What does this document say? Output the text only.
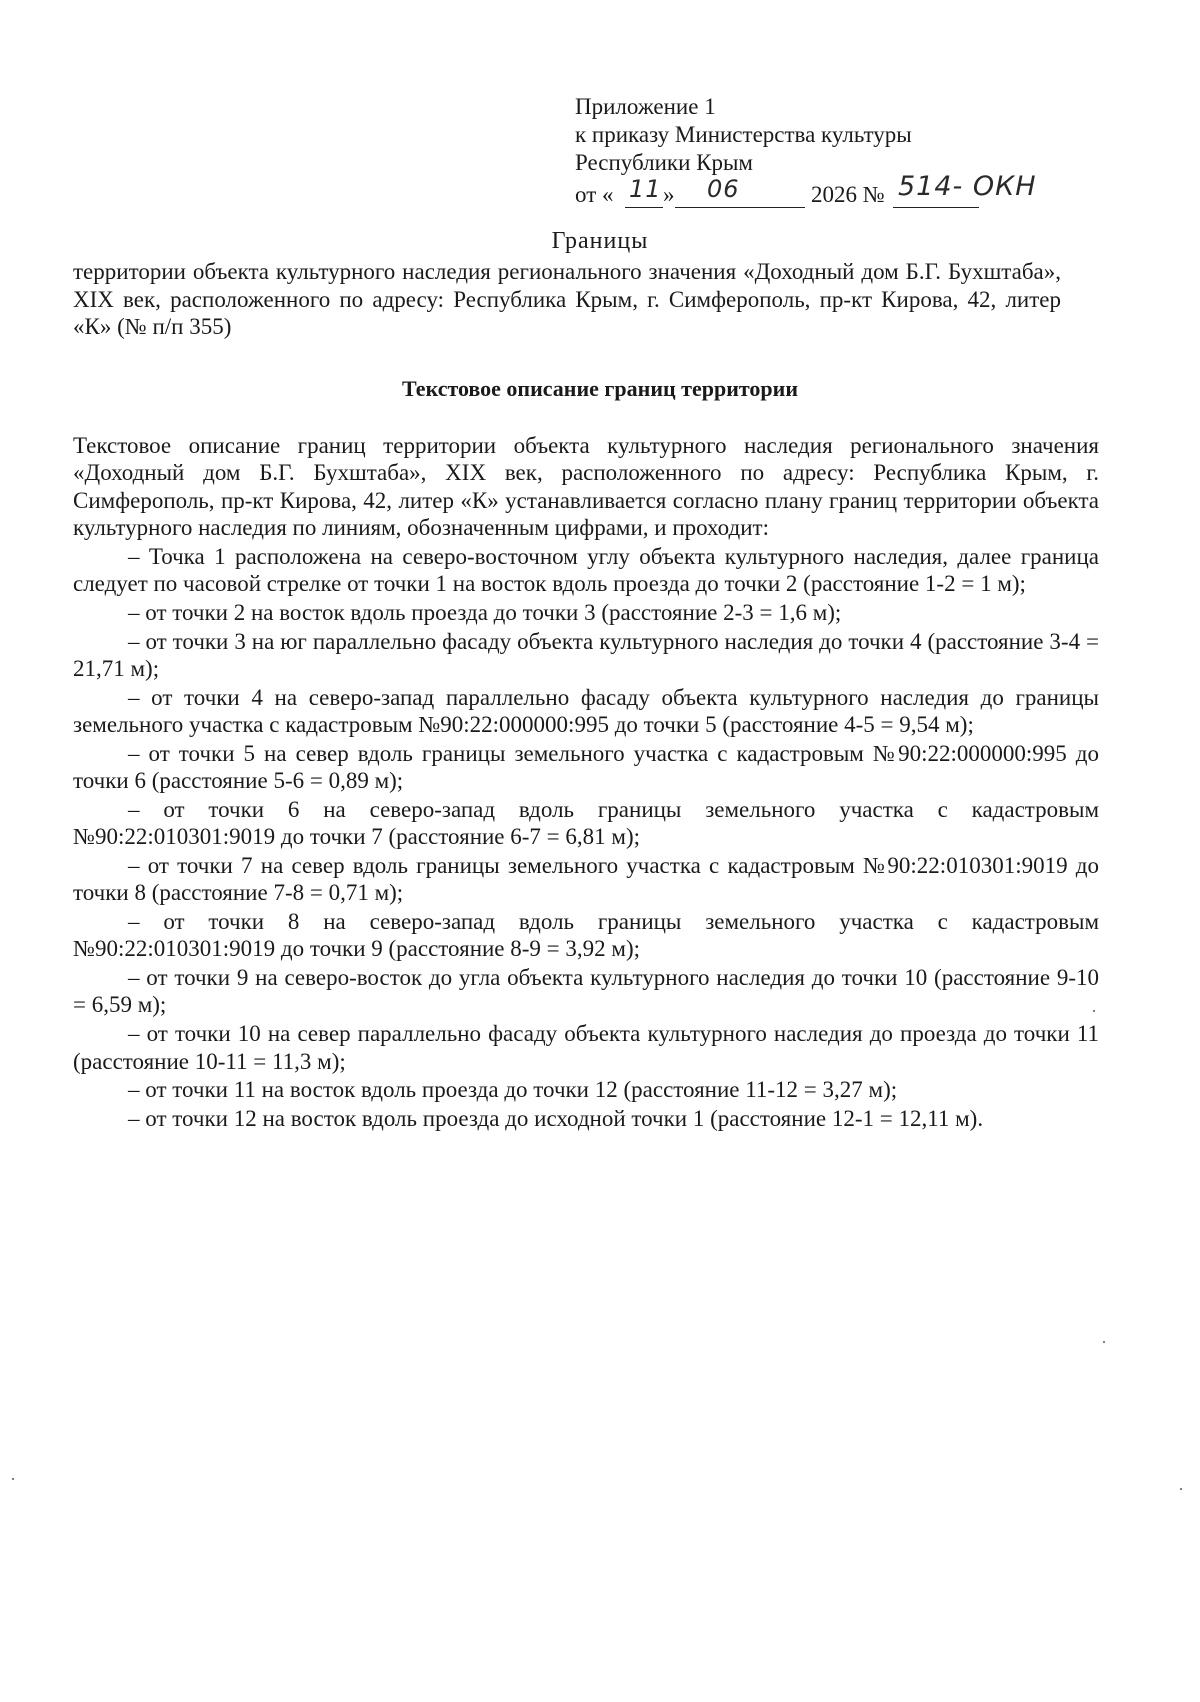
Приложение 1
к приказу Министерства культуры
Республики Крым
от « 11 » 06	2026 № 514- ОКН
Границы
территории объекта культурного наследия регионального значения «Доходный дом Б.Г. Бухштаба», XIX век, расположенного по адресу: Республика Крым, г. Симферополь, пр-кт Кирова, 42, литер «К» (№ п/п 355)
Текстовое описание границ территории

Текстовое описание границ территории объекта культурного наследия регионального значения «Доходный дом Б.Г. Бухштаба», XIX век, расположенного по адресу: Республика Крым, г. Симферополь, пр-кт Кирова, 42, литер «К» устанавливается согласно плану границ территории объекта культурного наследия по линиям, обозначенным цифрами, и проходит:

– Точка 1 расположена на северо-восточном углу объекта культурного наследия, далее граница следует по часовой стрелке от точки 1 на восток вдоль проезда до точки 2 (расстояние 1-2 = 1 м);

– от точки 2 на восток вдоль проезда до точки 3 (расстояние 2-3 = 1,6 м);

– от точки 3 на юг параллельно фасаду объекта культурного наследия до точки 4 (расстояние 3-4 = 21,71 м);

– от точки 4 на северо-запад параллельно фасаду объекта культурного наследия до границы земельного участка с кадастровым №90:22:000000:995 до точки 5 (расстояние 4-5 = 9,54 м);

– от точки 5 на север вдоль границы земельного участка с кадастровым №90:22:000000:995 до точки 6 (расстояние 5-6 = 0,89 м);

– от точки 6 на северо-запад вдоль границы земельного участка с кадастровым №90:22:010301:9019 до точки 7 (расстояние 6-7 = 6,81 м);

– от точки 7 на север вдоль границы земельного участка с кадастровым №90:22:010301:9019 до точки 8 (расстояние 7-8 = 0,71 м);

– от точки 8 на северо-запад вдоль границы земельного участка с кадастровым №90:22:010301:9019 до точки 9 (расстояние 8-9 = 3,92 м);

– от точки 9 на северо-восток до угла объекта культурного наследия до точки 10 (расстояние 9-10 = 6,59 м);

– от точки 10 на север параллельно фасаду объекта культурного наследия до проезда до точки 11 (расстояние 10-11 = 11,3 м);

– от точки 11 на восток вдоль проезда до точки 12 (расстояние 11-12 = 3,27 м);

– от точки 12 на восток вдоль проезда до исходной точки 1 (расстояние 12-1 = 12,11 м).
